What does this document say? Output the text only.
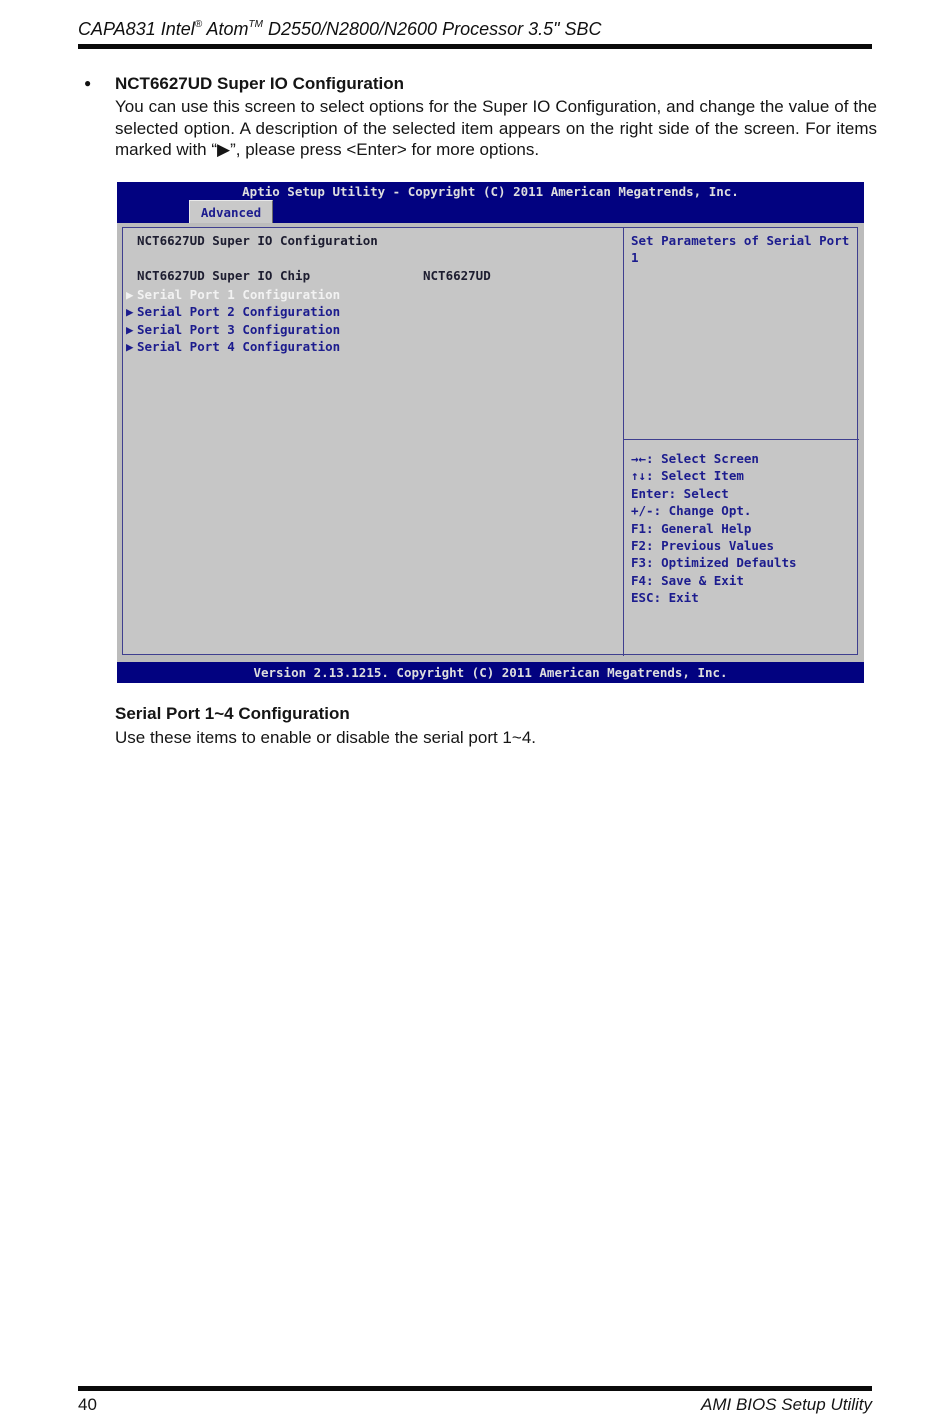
CAPA831 Intel® Atom™ D2550/N2800/N2600 Processor 3.5" SBC
● NCT6627UD Super IO Configuration
You can use this screen to select options for the Super IO Configuration, and change the value of the selected option. A description of the selected item appears on the right side of the screen. For items marked with “▶”, please press <Enter> for more options.
Aptio Setup Utility - Copyright (C) 2011 American Megatrends, Inc.
Advanced
NCT6627UD Super IO Configuration
NCT6627UD Super IO Chip	NCT6627UD
▶ Serial Port 1 Configuration
▶ Serial Port 2 Configuration
▶ Serial Port 3 Configuration
▶ Serial Port 4 Configuration
Set Parameters of Serial Port 1
→←: Select Screen
↑↓: Select Item
Enter: Select
+/-: Change Opt.
F1: General Help
F2: Previous Values
F3: Optimized Defaults
F4: Save & Exit
ESC: Exit
Version 2.13.1215. Copyright (C) 2011 American Megatrends, Inc.
Serial Port 1~4 Configuration
Use these items to enable or disable the serial port 1~4.
40	AMI BIOS Setup Utility
